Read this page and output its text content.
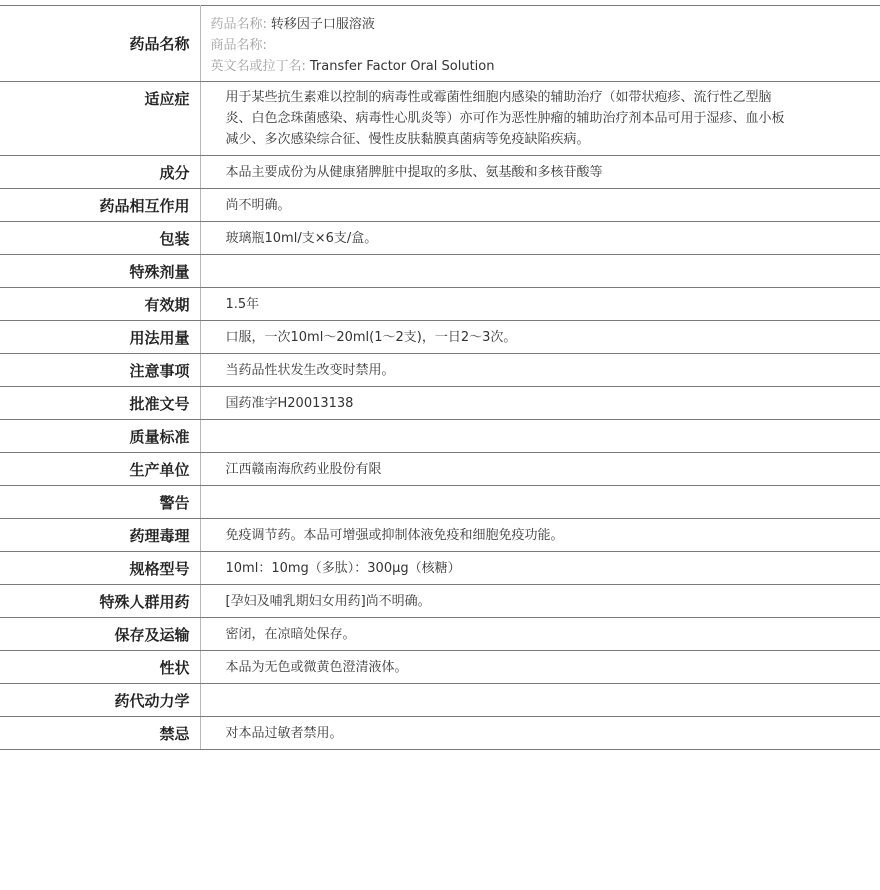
药品名称	药品名称: 转移因子口服溶液
商品名称:
英文名或拉丁名: Transfer Factor Oral Solution

适应症	用于某些抗生素难以控制的病毒性或霉菌性细胞内感染的辅助治疗（如带状疱疹、流行性乙型脑炎、白色念珠菌感染、病毒性心肌炎等）亦可作为恶性肿瘤的辅助治疗剂本品可用于湿疹、血小板减少、多次感染综合征、慢性皮肤黏膜真菌病等免疫缺陷疾病。
成分	本品主要成份为从健康猪脾脏中提取的多肽、氨基酸和多核苷酸等
药品相互作用	尚不明确。
包装	玻璃瓶10ml/支×6支/盒。
特殊剂量	
有效期	1.5年
用法用量	口服，一次10ml～20ml(1～2支)，一日2～3次。
注意事项	当药品性状发生改变时禁用。
批准文号	国药准字H20013138
质量标准	
生产单位	江西赣南海欣药业股份有限
警告	
药理毒理	免疫调节药。本品可增强或抑制体液免疫和细胞免疫功能。
规格型号	10ml：10mg（多肽）：300μg（核糖）
特殊人群用药	[孕妇及哺乳期妇女用药]尚不明确。
保存及运输	密闭，在凉暗处保存。
性状	本品为无色或微黄色澄清液体。
药代动力学	
禁忌	对本品过敏者禁用。
